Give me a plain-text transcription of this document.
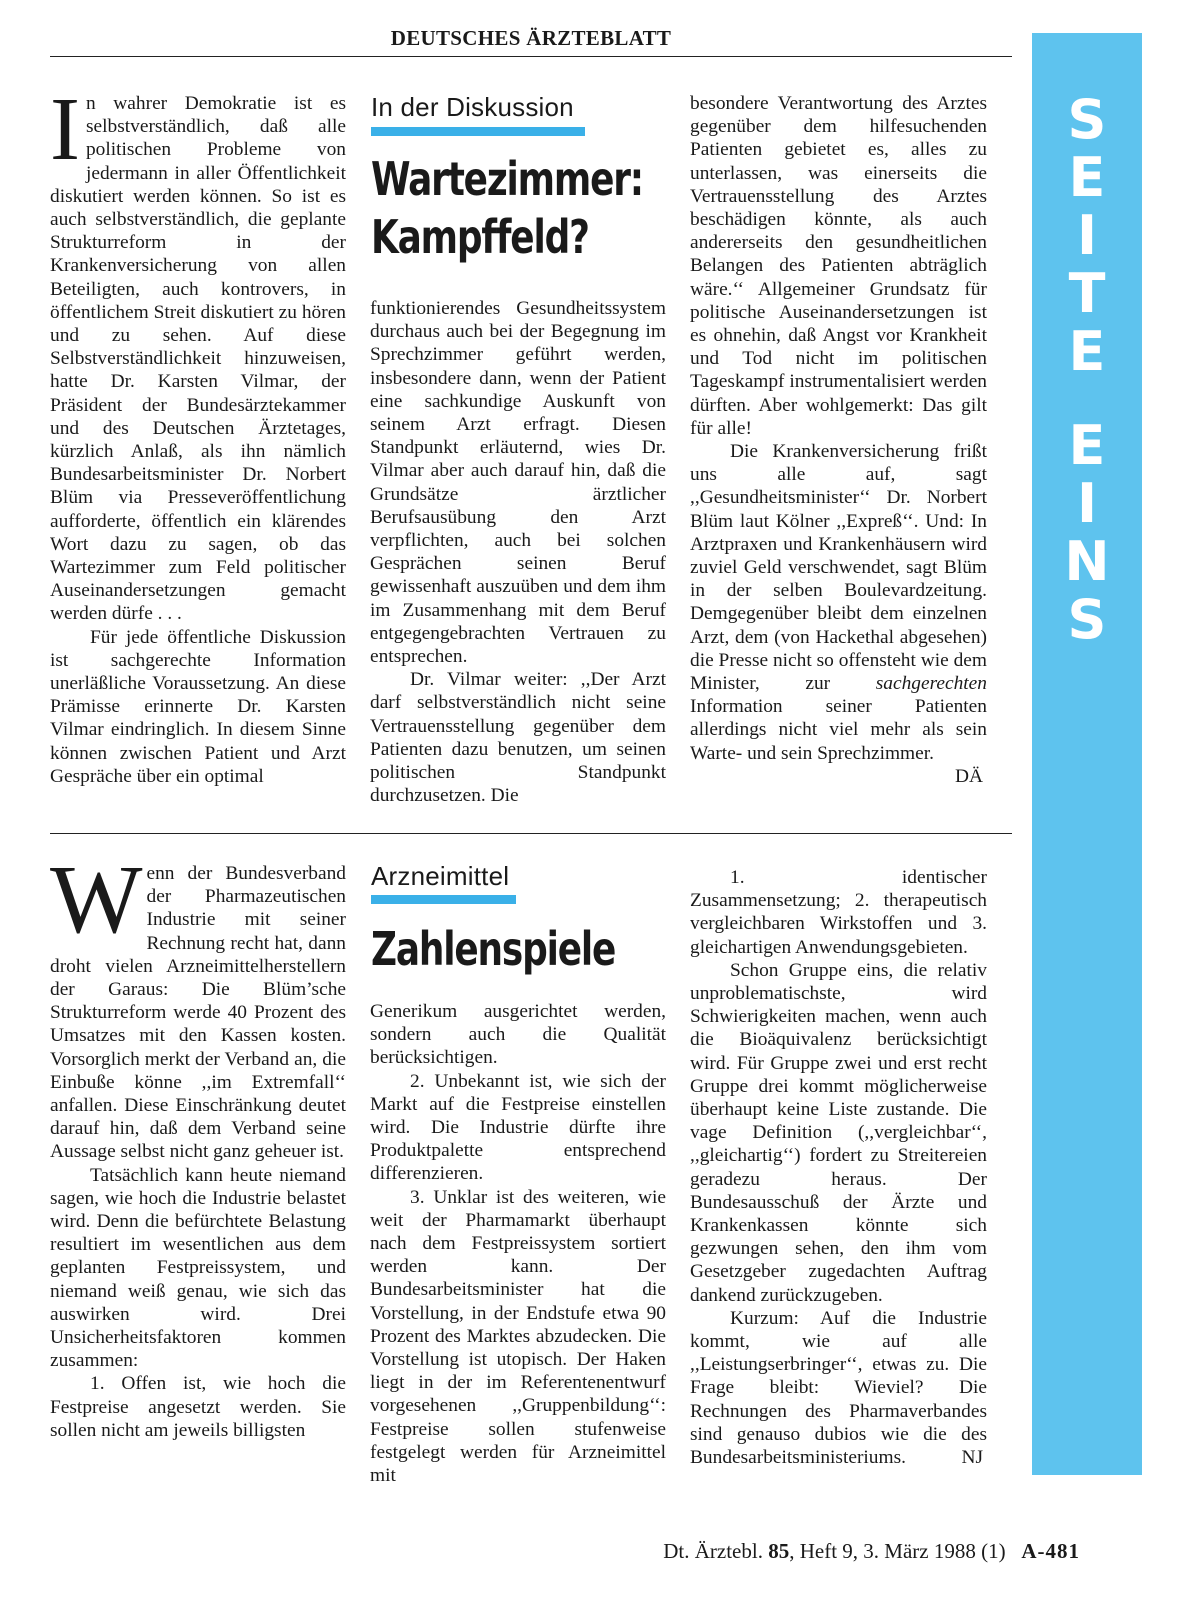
DEUTSCHES ÄRZTEBLATT

I n wahrer Demokratie ist es selbstverständlich, daß alle politischen Probleme von jedermann in aller Öffentlichkeit diskutiert werden können. So ist es auch selbstverständlich, die geplante Strukturreform in der Krankenversicherung von allen Beteiligten, auch kontrovers, in öffentlichem Streit diskutiert zu hören und zu sehen. Auf diese Selbstverständlichkeit hinzuweisen, hatte Dr. Karsten Vilmar, der Präsident der Bundesärztekammer und des Deutschen Ärztetages, kürzlich Anlaß, als ihn nämlich Bundesarbeitsminister Dr. Norbert Blüm via Presseveröffentlichung aufforderte, öffentlich ein klärendes Wort dazu zu sagen, ob das Wartezimmer zum Feld politischer Auseinandersetzungen gemacht werden dürfe . . .

Für jede öffentliche Diskussion ist sachgerechte Information unerläßliche Voraussetzung. An diese Prämisse erinnerte Dr. Karsten Vilmar eindringlich. In diesem Sinne können zwischen Patient und Arzt Gespräche über ein optimal

In der Diskussion
Wartezimmer:
Kampffeld?

funktionierendes Gesundheitssystem durchaus auch bei der Begegnung im Sprechzimmer geführt werden, insbesondere dann, wenn der Patient eine sachkundige Auskunft von seinem Arzt erfragt. Diesen Standpunkt erläuternd, wies Dr. Vilmar aber auch darauf hin, daß die Grundsätze ärztlicher Berufsausübung den Arzt verpflichten, auch bei solchen Gesprächen seinen Beruf gewissenhaft auszuüben und dem ihm im Zusammenhang mit dem Beruf entgegengebrachten Vertrauen zu entsprechen.

Dr. Vilmar weiter: ,,Der Arzt darf selbstverständlich nicht seine Vertrauensstellung gegenüber dem Patienten dazu benutzen, um seinen politischen Standpunkt durchzusetzen. Die

besondere Verantwortung des Arztes gegenüber dem hilfesuchenden Patienten gebietet es, alles zu unterlassen, was einerseits die Vertrauensstellung des Arztes beschädigen könnte, als auch andererseits den gesundheitlichen Belangen des Patienten abträglich wäre.‘‘ Allgemeiner Grundsatz für politische Auseinandersetzungen ist es ohnehin, daß Angst vor Krankheit und Tod nicht im politischen Tageskampf instrumentalisiert werden dürften. Aber wohlgemerkt: Das gilt für alle!

Die Krankenversicherung frißt uns alle auf, sagt ,,Gesundheitsminister‘‘ Dr. Norbert Blüm laut Kölner ,,Expreß‘‘. Und: In Arztpraxen und Krankenhäusern wird zuviel Geld verschwendet, sagt Blüm in der selben Boulevardzeitung. Demgegenüber bleibt dem einzelnen Arzt, dem (von Hackethal abgesehen) die Presse nicht so offensteht wie dem Minister, zur sachgerechten Information seiner Patienten allerdings nicht viel mehr als sein Warte- und sein Sprechzimmer.
DÄ

W enn der Bundesverband der Pharmazeutischen Industrie mit seiner Rechnung recht hat, dann droht vielen Arzneimittelherstellern der Garaus: Die Blüm’sche Strukturreform werde 40 Prozent des Umsatzes mit den Kassen kosten. Vorsorglich merkt der Verband an, die Einbuße könne ,,im Extremfall‘‘ anfallen. Diese Einschränkung deutet darauf hin, daß dem Verband seine Aussage selbst nicht ganz geheuer ist.

Tatsächlich kann heute niemand sagen, wie hoch die Industrie belastet wird. Denn die befürchtete Belastung resultiert im wesentlichen aus dem geplanten Festpreissystem, und niemand weiß genau, wie sich das auswirken wird. Drei Unsicherheitsfaktoren kommen zusammen:

1. Offen ist, wie hoch die Festpreise angesetzt werden. Sie sollen nicht am jeweils billigsten

Arzneimittel
Zahlenspiele

Generikum ausgerichtet werden, sondern auch die Qualität berücksichtigen.

2. Unbekannt ist, wie sich der Markt auf die Festpreise einstellen wird. Die Industrie dürfte ihre Produktpalette entsprechend differenzieren.

3. Unklar ist des weiteren, wie weit der Pharmamarkt überhaupt nach dem Festpreissystem sortiert werden kann. Der Bundesarbeitsminister hat die Vorstellung, in der Endstufe etwa 90 Prozent des Marktes abzudecken. Die Vorstellung ist utopisch. Der Haken liegt in der im Referentenentwurf vorgesehenen ,,Gruppenbildung‘‘: Festpreise sollen stufenweise festgelegt werden für Arzneimittel mit

1. identischer Zusammensetzung; 2. therapeutisch vergleichbaren Wirkstoffen und 3. gleichartigen Anwendungsgebieten.

Schon Gruppe eins, die relativ unproblematischste, wird Schwierigkeiten machen, wenn auch die Bioäquivalenz berücksichtigt wird. Für Gruppe zwei und erst recht Gruppe drei kommt möglicherweise überhaupt keine Liste zustande. Die vage Definition (,,vergleichbar‘‘, ,,gleichartig‘‘) fordert zu Streitereien geradezu heraus. Der Bundesausschuß der Ärzte und Krankenkassen könnte sich gezwungen sehen, den ihm vom Gesetzgeber zugedachten Auftrag dankend zurückzugeben.

Kurzum: Auf die Industrie kommt, wie auf alle ,,Leistungserbringer‘‘, etwas zu. Die Frage bleibt: Wieviel? Die Rechnungen des Pharmaverbandes sind genauso dubios wie die des Bundesarbeitsministeriums.	NJ

S
E
I
T
E
E
I
N
S
Dt. Ärztebl. 85, Heft 9, 3. März 1988 (1) A-481
